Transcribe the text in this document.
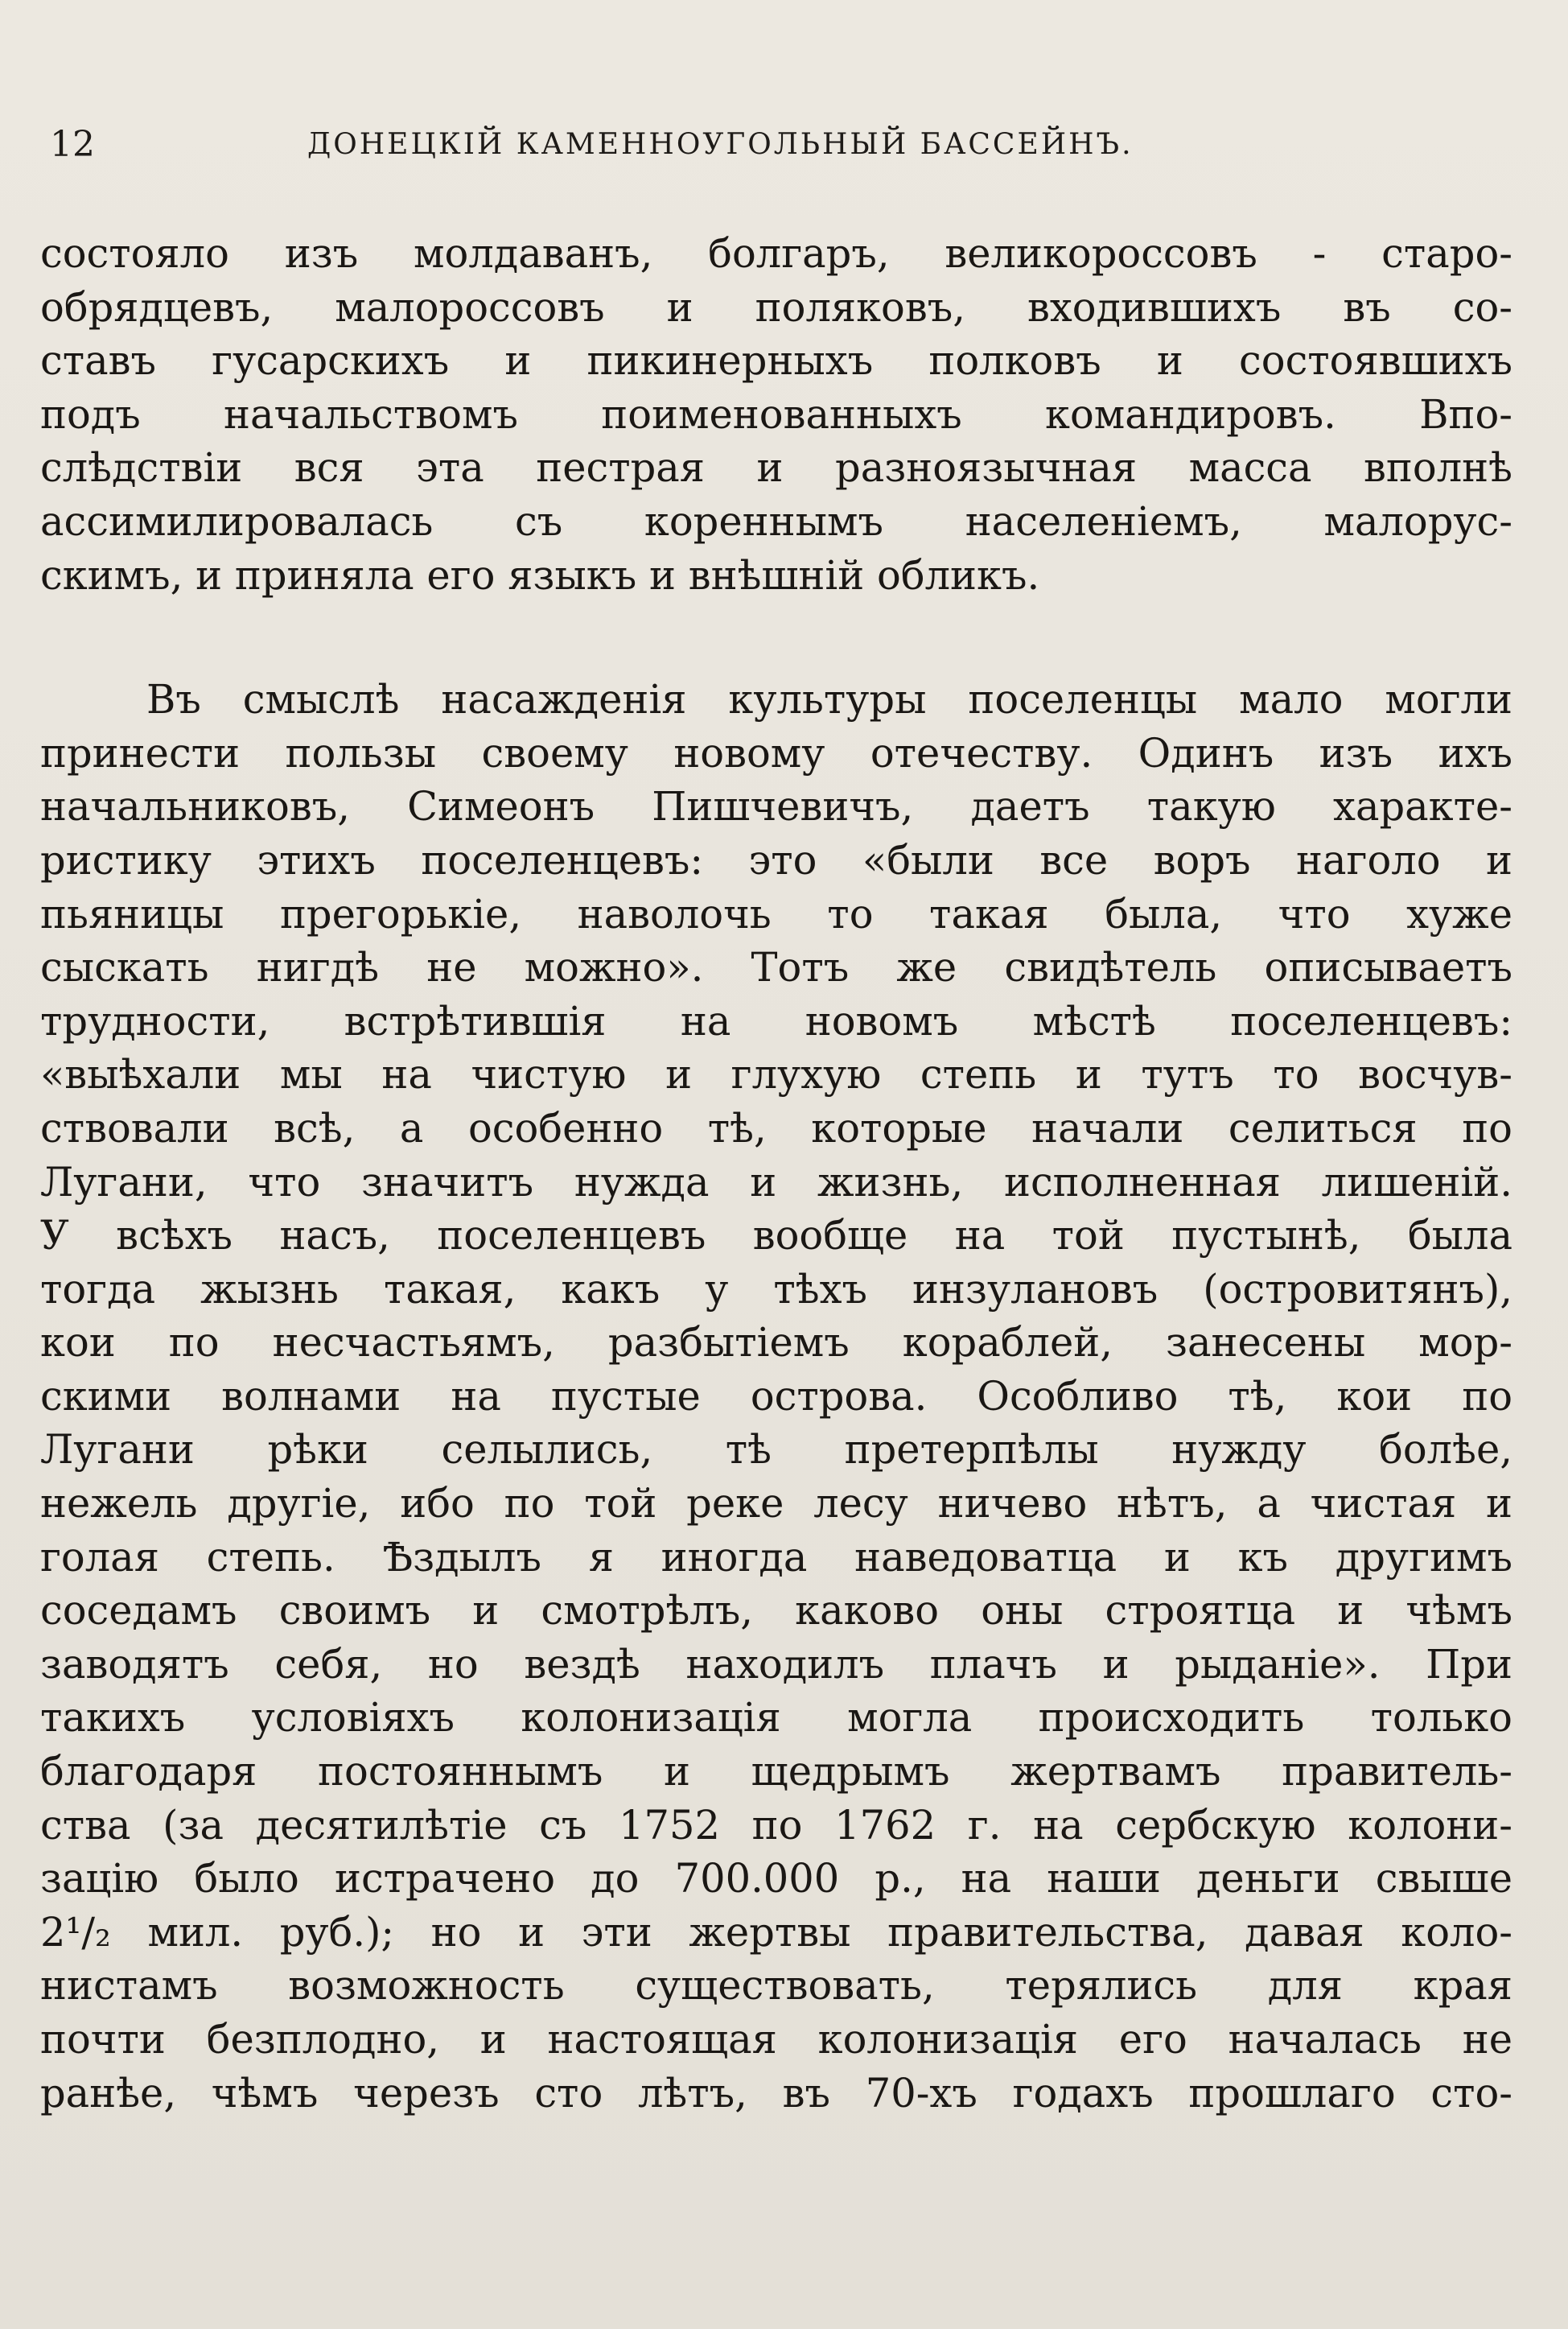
12	ДОНЕЦКІЙ КАМЕННОУГОЛЬНЫЙ БАССЕЙНЪ.
состояло изъ молдаванъ, болгаръ, великороссовъ - старо-
обрядцевъ, малороссовъ и поляковъ, входившихъ въ со-
ставъ гусарскихъ и пикинерныхъ полковъ и состоявшихъ
подъ начальствомъ поименованныхъ командировъ. Впо-
слѣдствіи вся эта пестрая и разноязычная масса вполнѣ
ассимилировалась съ кореннымъ населеніемъ, малорус-
скимъ, и приняла его языкъ и внѣшній обликъ.
Въ смыслѣ насажденія культуры поселенцы мало могли
принести пользы своему новому отечеству. Одинъ изъ ихъ
начальниковъ, Симеонъ Пишчевичъ, даетъ такую характе-
ристику этихъ поселенцевъ: это «были все воръ наголо и
пьяницы прегорькіе, наволочь то такая была, что хуже
сыскать нигдѣ не можно». Тотъ же свидѣтель описываетъ
трудности, встрѣтившія на новомъ мѣстѣ поселенцевъ:
«выѣхали мы на чистую и глухую степь и тутъ то восчув-
ствовали всѣ, а особенно тѣ, которые начали селиться по
Лугани, что значитъ нужда и жизнь, исполненная лишеній.
У всѣхъ насъ, поселенцевъ вообще на той пустынѣ, была
тогда жызнь такая, какъ у тѣхъ инзулановъ (островитянъ),
кои по несчастьямъ, разбытіемъ кораблей, занесены мор-
скими волнами на пустые острова. Особливо тѣ, кои по
Лугани рѣки селылись, тѣ претерпѣлы нужду болѣе,
нежель другіе, ибо по той реке лесу ничево нѣтъ, а чистая и
голая степь. Ѣздылъ я иногда наведоватца и къ другимъ
соседамъ своимъ и смотрѣлъ, каково оны строятца и чѣмъ
заводятъ себя, но вездѣ находилъ плачъ и рыданіе». При
такихъ условіяхъ колонизація могла происходить только
благодаря постояннымъ и щедрымъ жертвамъ правитель-
ства (за десятилѣтіе съ 1752 по 1762 г. на сербскую колони-
зацію было истрачено до 700.000 р., на наши деньги свыше
2¹/₂ мил. руб.); но и эти жертвы правительства, давая коло-
нистамъ возможность существовать, терялись для края
почти безплодно, и настоящая колонизація его началась не
ранѣе, чѣмъ черезъ сто лѣтъ, въ 70-хъ годахъ прошлаго сто-
